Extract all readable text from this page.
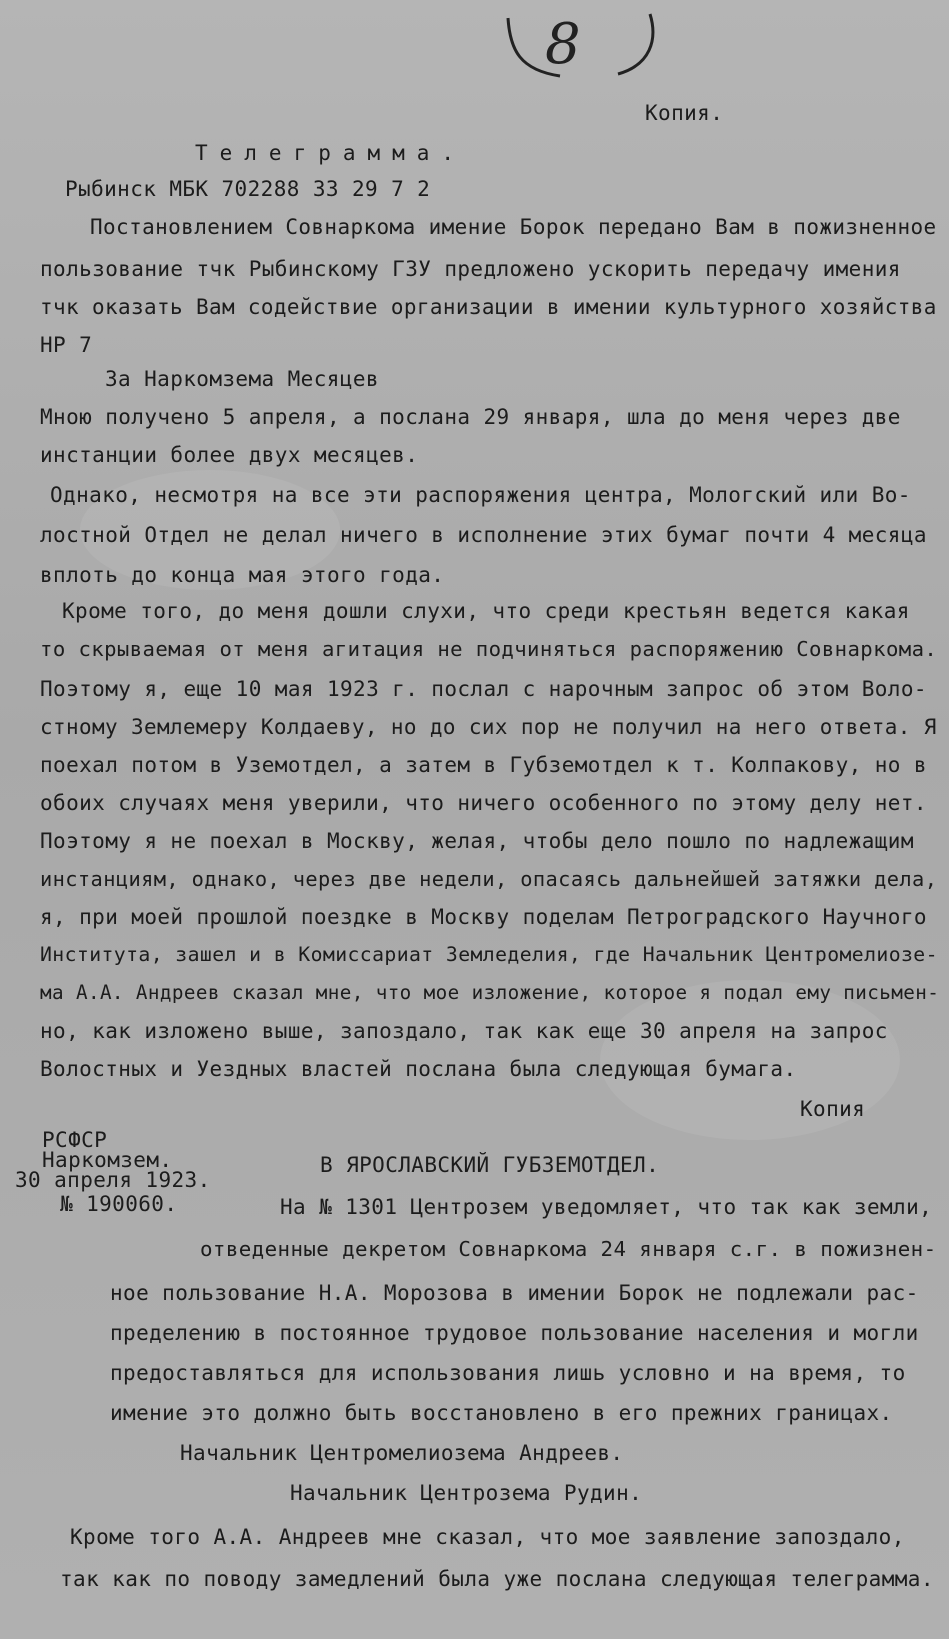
8
Копия.
Телеграмма.
Рыбинск МБК 702288 33 29 7 2
Постановлением Совнаркома имение Борок передано Вам в пожизненное
пользование тчк Рыбинскому ГЗУ предложено ускорить передачу имения
тчк оказать Вам содействие организации в имении культурного хозяйства
НР 7
За Наркомзема Месяцев
Мною получено 5 апреля, а послана 29 января, шла до меня через две
инстанции более двух месяцев.
Однако, несмотря на все эти распоряжения центра, Мологский или Во-
лостной Отдел не делал ничего в исполнение этих бумаг почти 4 месяца
вплоть до конца мая этого года.
Кроме того, до меня дошли слухи, что среди крестьян ведется какая
то скрываемая от меня агитация не подчиняться распоряжению Совнаркома.
Поэтому я, еще 10 мая 1923 г. послал с нарочным запрос об этом Воло-
стному Землемеру Колдаеву, но до сих пор не получил на него ответа. Я
поехал потом в Уземотдел, а затем в Губземотдел к т. Колпакову, но в
обоих случаях меня уверили, что ничего особенного по этому делу нет.
Поэтому я не поехал в Москву, желая, чтобы дело пошло по надлежащим
инстанциям, однако, через две недели, опасаясь дальнейшей затяжки дела,
я, при моей прошлой поездке в Москву поделам Петроградского Научного
Института, зашел и в Комиссариат Земледелия, где Начальник Центромелиозе-
ма А.А. Андреев сказал мне, что мое изложение, которое я подал ему письмен-
но, как изложено выше, запоздало, так как еще 30 апреля на запрос
Волостных и Уездных властей послана была следующая бумага.
Копия
РСФСР
Наркомзем.
30 апреля 1923.
№ 190060.
В ЯРОСЛАВСКИЙ ГУБЗЕМОТДЕЛ.
На № 1301 Центрозем уведомляет, что так как земли,
отведенные декретом Совнаркома 24 января с.г. в пожизнен-
ное пользование Н.А. Морозова в имении Борок не подлежали рас-
пределению в постоянное трудовое пользование населения и могли
предоставляться для использования лишь условно и на время, то
имение это должно быть восстановлено в его прежних границах.
Начальник Центромелиозема Андреев.
Начальник Центрозема Рудин.
Кроме того А.А. Андреев мне сказал, что мое заявление запоздало,
так как по поводу замедлений была уже послана следующая телеграмма.
